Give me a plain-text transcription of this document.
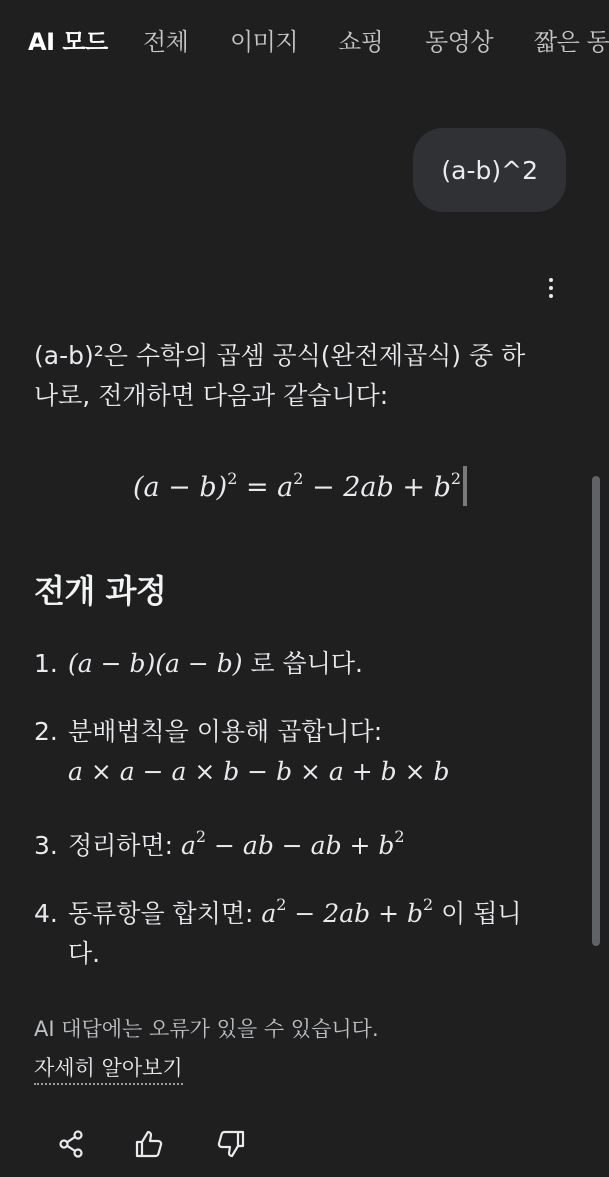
AI 모드 전체 이미지 쇼핑 동영상 짧은 동
(a-b)^2
(a-b)²은 수학의 곱셈 공식(완전제곱식) 중 하
나로, 전개하면 다음과 같습니다:
$(a - b)^2 = a^2 - 2ab + b^2$
전개 과정
1. (a − b)(a − b) 로 씁니다.
2. 분배법칙을 이용해 곱합니다:
a × a − a × b − b × a + b × b
3. 정리하면: $a^2$ − ab − ab + $b^2$
4. 동류항을 합치면: $a^2 - 2ab + b^2$ 이 됩니
다.
AI 대답에는 오류가 있을 수 있습니다.
자세히 알아보기
